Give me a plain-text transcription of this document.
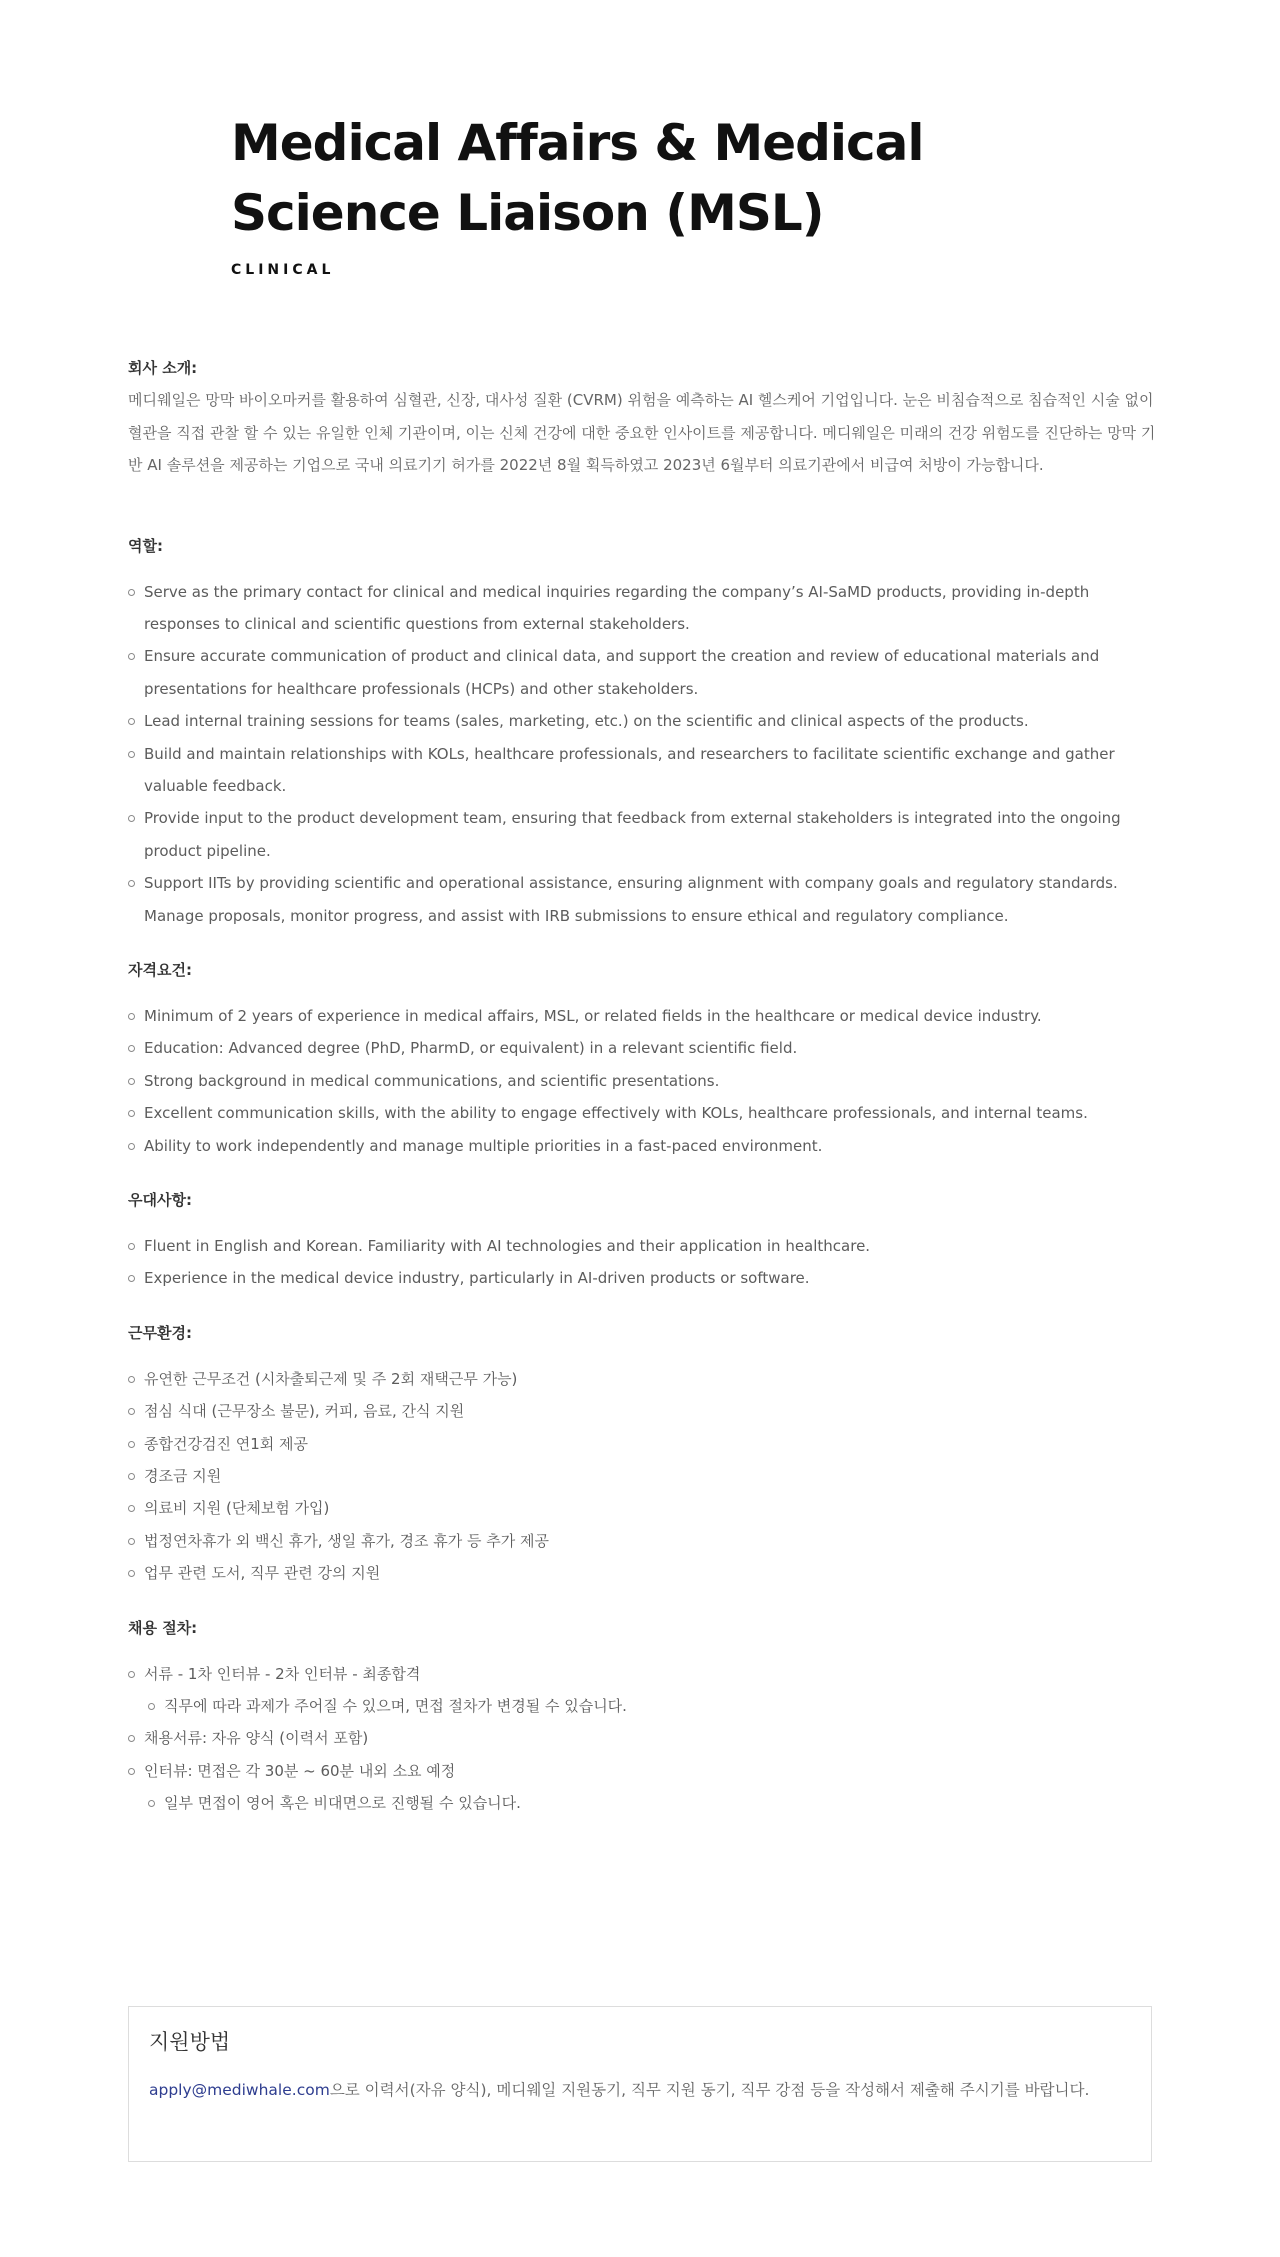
Medical Affairs & Medical Science Liaison (MSL)
CLINICAL

회사 소개:

메디웨일은 망막 바이오마커를 활용하여 심혈관, 신장, 대사성 질환 (CVRM) 위험을 예측하는 AI 헬스케어 기업입니다. 눈은 비침습적으로 침습적인 시술 없이 혈관을 직접 관찰 할 수 있는 유일한 인체 기관이며, 이는 신체 건강에 대한 중요한 인사이트를 제공합니다. 메디웨일은 미래의 건강 위험도를 진단하는 망막 기반 AI 솔루션을 제공하는 기업으로 국내 의료기기 허가를 2022년 8월 획득하였고 2023년 6월부터 의료기관에서 비급여 처방이 가능합니다.

역할:

Serve as the primary contact for clinical and medical inquiries regarding the company’s AI-SaMD products, providing in-depth responses to clinical and scientific questions from external stakeholders.
Ensure accurate communication of product and clinical data, and support the creation and review of educational materials and presentations for healthcare professionals (HCPs) and other stakeholders.
Lead internal training sessions for teams (sales, marketing, etc.) on the scientific and clinical aspects of the products.
Build and maintain relationships with KOLs, healthcare professionals, and researchers to facilitate scientific exchange and gather valuable feedback.
Provide input to the product development team, ensuring that feedback from external stakeholders is integrated into the ongoing product pipeline.
Support IITs by providing scientific and operational assistance, ensuring alignment with company goals and regulatory standards. Manage proposals, monitor progress, and assist with IRB submissions to ensure ethical and regulatory compliance.

자격요건:

Minimum of 2 years of experience in medical affairs, MSL, or related fields in the healthcare or medical device industry.
Education: Advanced degree (PhD, PharmD, or equivalent) in a relevant scientific field.
Strong background in medical communications, and scientific presentations.
Excellent communication skills, with the ability to engage effectively with KOLs, healthcare professionals, and internal teams.
Ability to work independently and manage multiple priorities in a fast-paced environment.

우대사항:

Fluent in English and Korean. Familiarity with AI technologies and their application in healthcare.
Experience in the medical device industry, particularly in AI-driven products or software.

근무환경:

유연한 근무조건 (시차출퇴근제 및 주 2회 재택근무 가능)
점심 식대 (근무장소 불문), 커피, 음료, 간식 지원
종합건강검진 연1회 제공
경조금 지원
의료비 지원 (단체보험 가입)
법정연차휴가 외 백신 휴가, 생일 휴가, 경조 휴가 등 추가 제공
업무 관련 도서, 직무 관련 강의 지원

채용 절차:

서류 - 1차 인터뷰 - 2차 인터뷰 - 최종합격
직무에 따라 과제가 주어질 수 있으며, 면접 절차가 변경될 수 있습니다.
채용서류: 자유 양식 (이력서 포함)
인터뷰: 면접은 각 30분 ~ 60분 내외 소요 예정
일부 면접이 영어 혹은 비대면으로 진행될 수 있습니다.
지원방법

apply@mediwhale.com으로 이력서(자유 양식), 메디웨일 지원동기, 직무 지원 동기, 직무 강점 등을 작성해서 제출해 주시기를 바랍니다.
